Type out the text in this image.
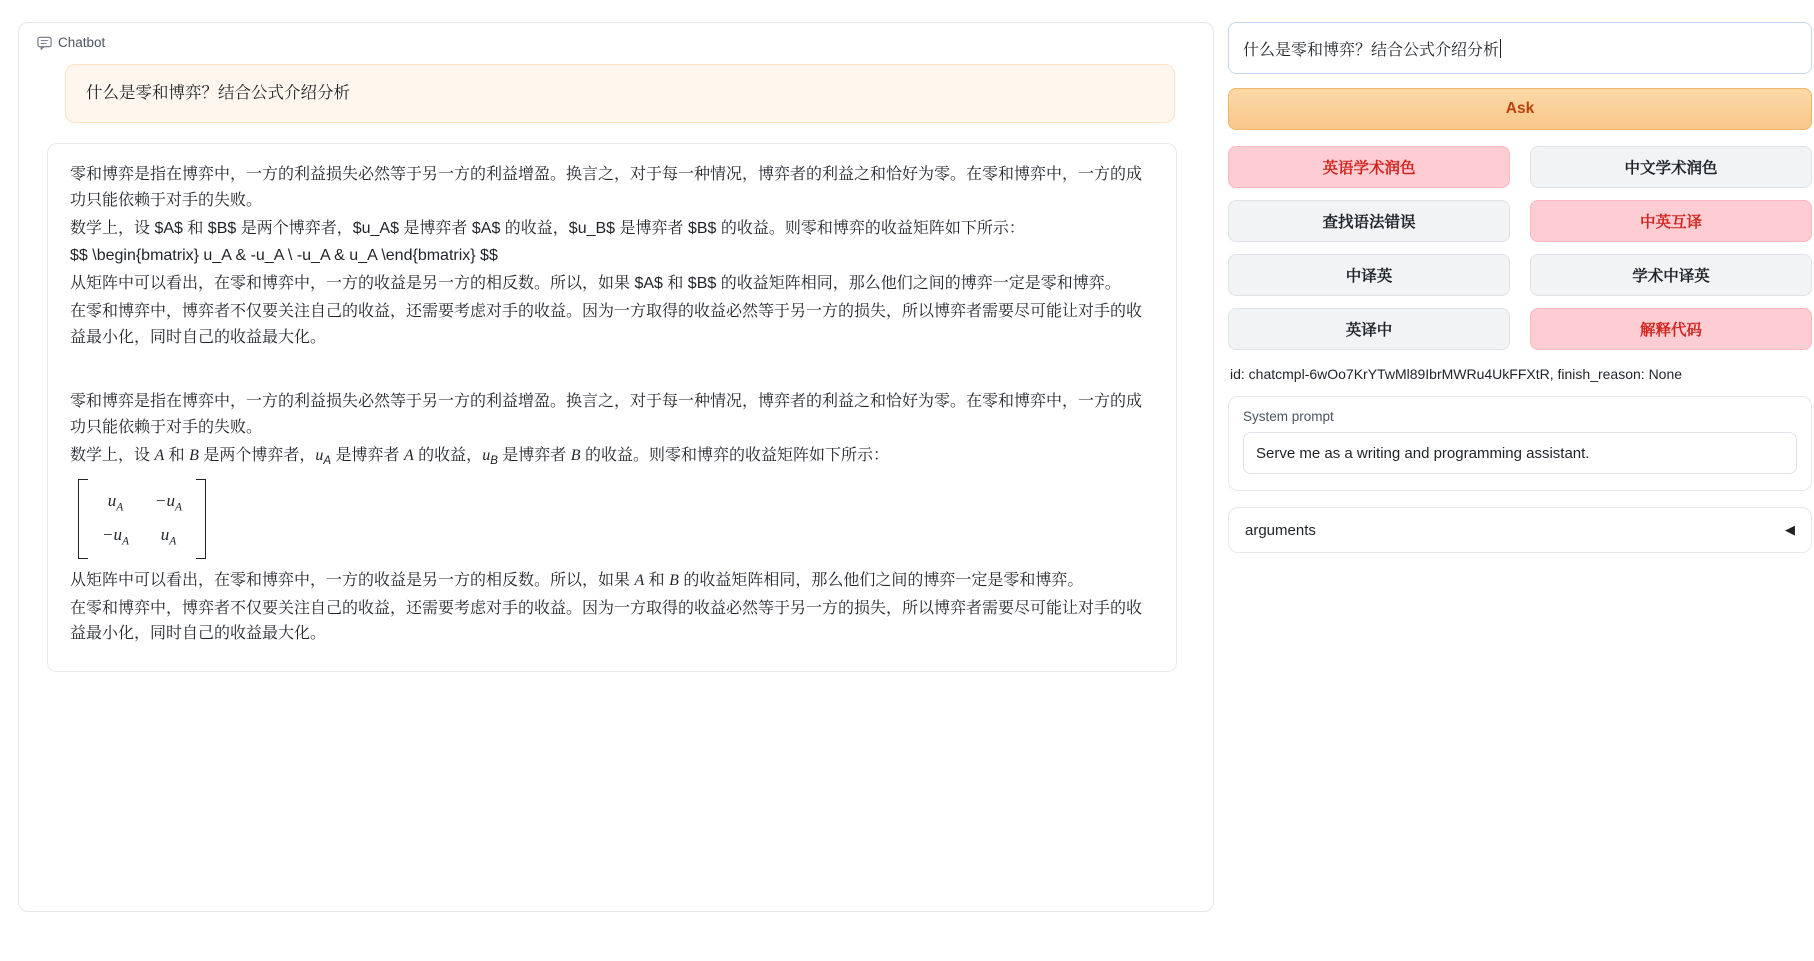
Chatbot
什么是零和博弈？结合公式介绍分析

零和博弈是指在博弈中，一方的利益损失必然等于另一方的利益增盈。换言之，对于每一种情况，博弈者的利益之和恰好为零。在零和博弈中，一方的成功只能依赖于对手的失败。

数学上，设 $A$ 和 $B$ 是两个博弈者，$u_A$ 是博弈者 $A$ 的收益，$u_B$ 是博弈者 $B$ 的收益。则零和博弈的收益矩阵如下所示：

$$ \begin{bmatrix} u_A & -u_A \ -u_A & u_A \end{bmatrix} $$

从矩阵中可以看出，在零和博弈中，一方的收益是另一方的相反数。所以，如果 $A$ 和 $B$ 的收益矩阵相同，那么他们之间的博弈一定是零和博弈。

在零和博弈中，博弈者不仅要关注自己的收益，还需要考虑对手的收益。因为一方取得的收益必然等于另一方的损失，所以博弈者需要尽可能让对手的收益最小化，同时自己的收益最大化。

零和博弈是指在博弈中，一方的利益损失必然等于另一方的利益增盈。换言之，对于每一种情况，博弈者的利益之和恰好为零。在零和博弈中，一方的成功只能依赖于对手的失败。

数学上，设 A 和 B 是两个博弈者，$u_A$ 是博弈者 A 的收益，$u_B$ 是博弈者 B 的收益。则零和博弈的收益矩阵如下所示：

$u_A$	$-u_A$
$-u_A$	$u_A$

从矩阵中可以看出，在零和博弈中，一方的收益是另一方的相反数。所以，如果 A 和 B 的收益矩阵相同，那么他们之间的博弈一定是零和博弈。

在零和博弈中，博弈者不仅要关注自己的收益，还需要考虑对手的收益。因为一方取得的收益必然等于另一方的损失，所以博弈者需要尽可能让对手的收益最小化，同时自己的收益最大化。

什么是零和博弈？结合公式介绍分析
Ask
英语学术润色	中文学术润色
查找语法错误	中英互译
中译英	学术中译英
英译中	解释代码
id: chatcmpl-6wOo7KrYTwMl89IbrMWRu4UkFFXtR, finish_reason: None
System prompt
Serve me as a writing and programming assistant.
arguments	◀
